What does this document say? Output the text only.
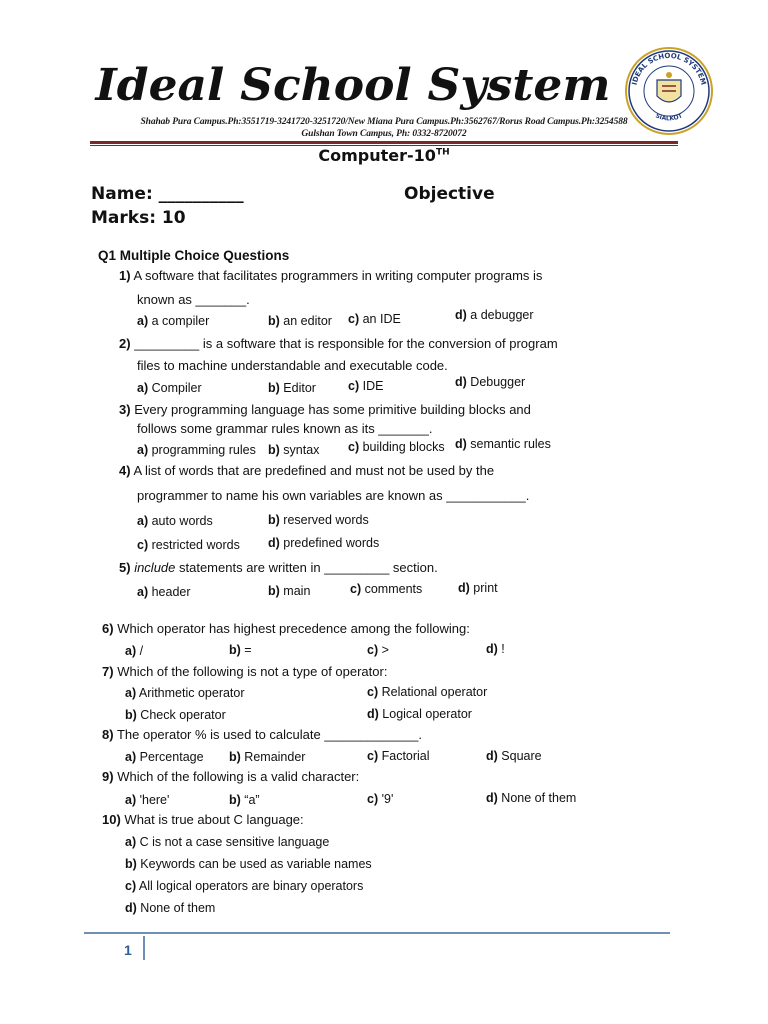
Ideal School System	IDEAL SCHOOL SYSTEM
SIALKOT
Shahab Pura Campus.Ph:3551719-3241720-3251720/New Miana Pura Campus.Ph:3562767/Rorus Road Campus.Ph:3254588
Gulshan Town Campus, Ph: 0332-8720072
Computer-10TH
Name: __________	Objective
Marks: 10
Q1 Multiple Choice Questions
1) A software that facilitates programmers in writing computer programs is
known as _______.
a) a compiler	b) an editor c) an IDE	d) a debugger
2) _________ is a software that is responsible for the conversion of program
files to machine understandable and executable code.
a) Compiler	b) Editor	c) IDE	d) Debugger
3) Every programming language has some primitive building blocks and
follows some grammar rules known as its _______.
a) programming rules b) syntax c) building blocks d) semantic rules
4) A list of words that are predefined and must not be used by the
programmer to name his own variables are known as ___________.
a) auto words	b) reserved words
c) restricted words d) predefined words
5) include statements are written in _________ section.
a) header	b) main	c) comments	d) print
6) Which operator has highest precedence among the following:
a) /	b) =	c) >	d) !
7) Which of the following is not a type of operator:
a) Arithmetic operator	c) Relational operator
b) Check operator	d) Logical operator
8) The operator % is used to calculate _____________.
a) Percentage b) Remainder	c) Factorial	d) Square
9) Which of the following is a valid character:
a) 'here'	b) “a”	c) '9'	d) None of them
10) What is true about C language:
a) C is not a case sensitive language
b) Keywords can be used as variable names
c) All logical operators are binary operators
d) None of them
1
